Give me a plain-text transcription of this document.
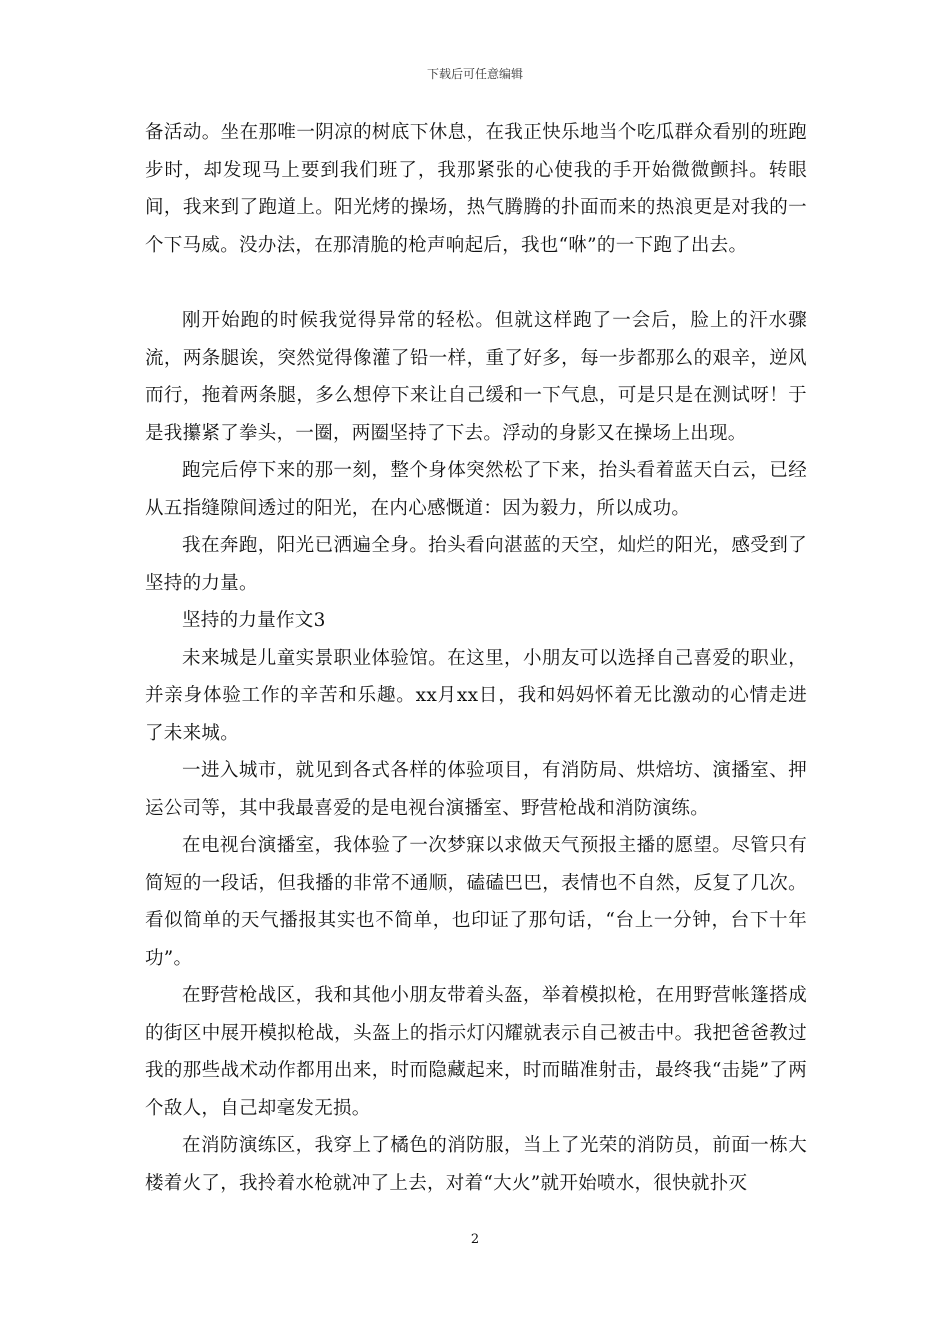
下载后可任意编辑

备活动。坐在那唯一阴凉的树底下休息，在我正快乐地当个吃瓜群众看别的班跑步时，却发现马上要到我们班了，我那紧张的心使我的手开始微微颤抖。转眼间，我来到了跑道上。阳光烤的操场，热气腾腾的扑面而来的热浪更是对我的一个下马威。没办法，在那清脆的枪声响起后，我也“咻”的一下跑了出去。

刚开始跑的时候我觉得异常的轻松。但就这样跑了一会后，脸上的汗水骤流，两条腿诶，突然觉得像灌了铅一样，重了好多，每一步都那么的艰辛，逆风而行，拖着两条腿，多么想停下来让自己缓和一下气息，可是只是在测试呀！于是我攥紧了拳头，一圈，两圈坚持了下去。浮动的身影又在操场上出现。

跑完后停下来的那一刻，整个身体突然松了下来，抬头看着蓝天白云，已经从五指缝隙间透过的阳光，在内心感慨道：因为毅力，所以成功。

我在奔跑，阳光已洒遍全身。抬头看向湛蓝的天空，灿烂的阳光，感受到了坚持的力量。

坚持的力量作文3

未来城是儿童实景职业体验馆。在这里，小朋友可以选择自己喜爱的职业，并亲身体验工作的辛苦和乐趣。xx月xx日，我和妈妈怀着无比激动的心情走进了未来城。

一进入城市，就见到各式各样的体验项目，有消防局、烘焙坊、演播室、押运公司等，其中我最喜爱的是电视台演播室、野营枪战和消防演练。

在电视台演播室，我体验了一次梦寐以求做天气预报主播的愿望。尽管只有简短的一段话，但我播的非常不通顺，磕磕巴巴，表情也不自然，反复了几次。看似简单的天气播报其实也不简单，也印证了那句话，“台上一分钟，台下十年功”。

在野营枪战区，我和其他小朋友带着头盔，举着模拟枪，在用野营帐篷搭成的街区中展开模拟枪战，头盔上的指示灯闪耀就表示自己被击中。我把爸爸教过我的那些战术动作都用出来，时而隐藏起来，时而瞄准射击，最终我“击毙”了两个敌人，自己却毫发无损。

在消防演练区，我穿上了橘色的消防服，当上了光荣的消防员，前面一栋大楼着火了，我拎着水枪就冲了上去，对着“大火”就开始喷水，很快就扑灭

2
